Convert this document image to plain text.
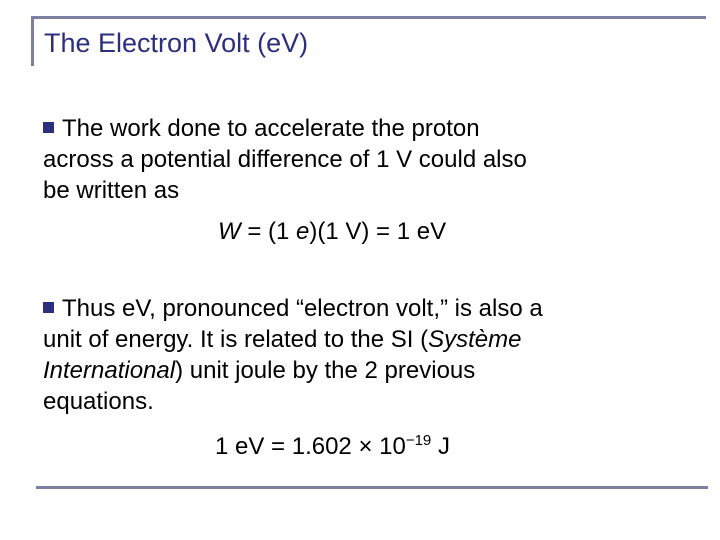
The Electron Volt (eV)
The work done to accelerate the proton
across a potential difference of 1 V could also
be written as
W = (1 e)(1 V) = 1 eV
Thus eV, pronounced “electron volt,” is also a
unit of energy. It is related to the SI (Système
International) unit joule by the 2 previous
equations.
1 eV = $1.602 \times 10^{-19}$ J
